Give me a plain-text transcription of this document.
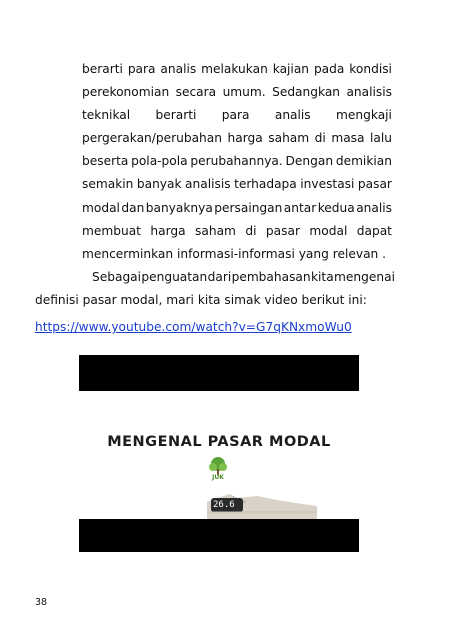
berarti para analis melakukan kajian pada kondisi
perekonomian secara umum. Sedangkan analisis
teknikal berarti para analis mengkaji
pergerakan/perubahan harga saham di masa lalu
beserta pola-pola perubahannya. Dengan demikian
semakin banyak analisis terhadapa investasi pasar
modal dan banyaknya persaingan antar kedua analis
membuat harga saham di pasar modal dapat
mencerminkan informasi-informasi yang relevan .
Sebagai penguatan dari pembahasan kita mengenai
definisi pasar modal, mari kita simak video berikut ini:
https://www.youtube.com/watch?v=G7qKNxmoWu0
MENGENAL PASAR MODAL
JUK
26.6
38
